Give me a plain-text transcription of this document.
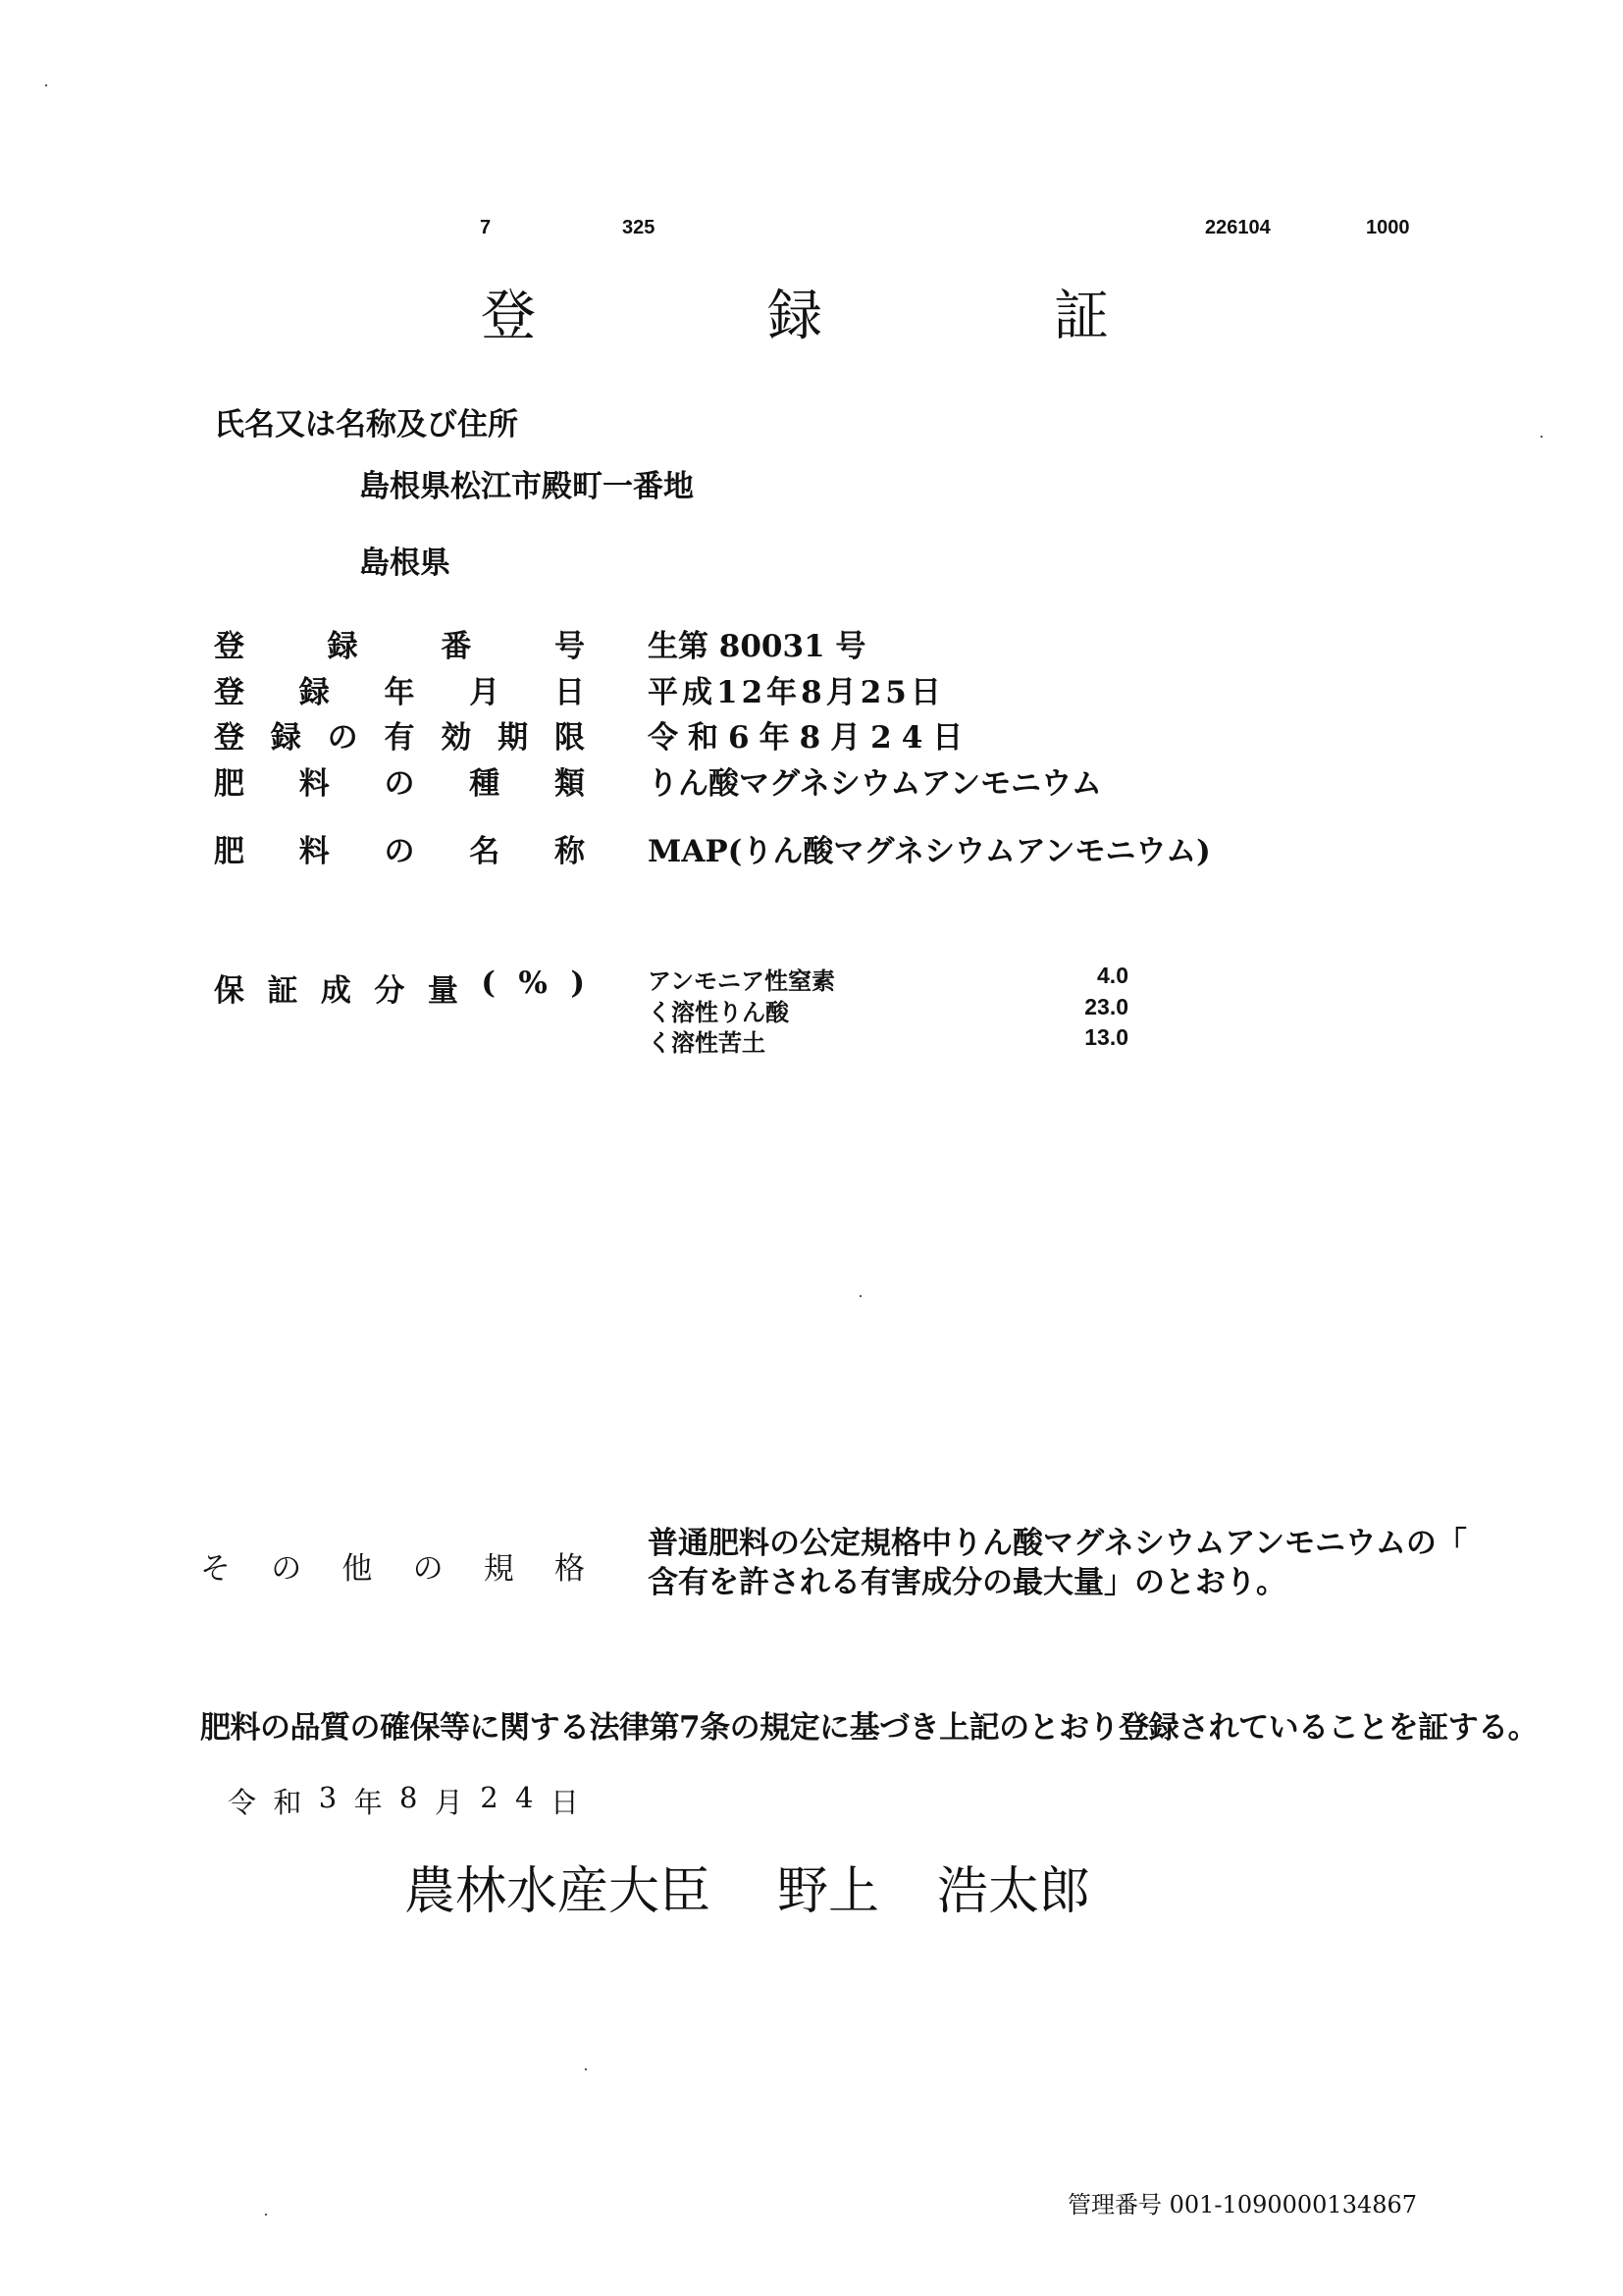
7	325	226104	1000
登	録	証
氏名又は名称及び住所
島根県松江市殿町一番地
島根県
登	録	番	号 生第 80031 号
登 録 年 月 日 平成12年8月25日
登 録 の 有 効 期 限 令和6年8月24日
肥 料 の 種 類 りん酸マグネシウムアンモニウム
肥 料 の 名 称 MAP(りん酸マグネシウムアンモニウム)
保 証 成 分 量 ( % )	アンモニア性窒素	4.0
く溶性りん酸	23.0
く溶性苦土	13.0
そ の 他 の 規 格
普通肥料の公定規格中りん酸マグネシウムアンモニウムの「
含有を許される有害成分の最大量」のとおり。
肥料の品質の確保等に関する法律第7条の規定に基づき上記のとおり登録されていることを証する。
令 和 3 年 8 月 2 4 日
農林水産大臣 野上 浩太郎
管理番号 001-1090000134867
